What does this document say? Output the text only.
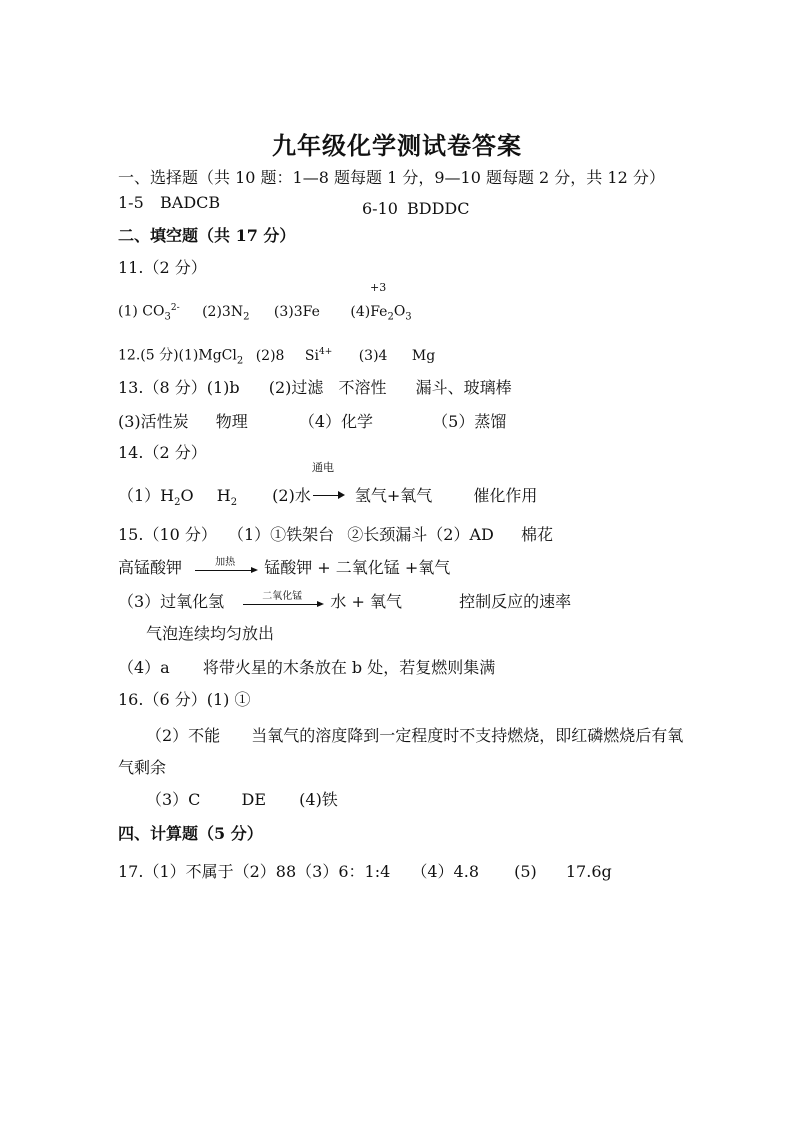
九年级化学测试卷答案
一、选择题（共 10 题：1—8 题每题 1 分，9—10 题每题 2 分，共 12 分）
1-5 BADCB	6-10 BDDDC
二、填空题（共 17 分）
11.（2 分）
+3
(1) $CO_3^{2-}$ $(2)3N_2$ (3)3Fe $(4)Fe_2O_3$
12.(5 分)(1)MgCl$_2$ (2)8 $Si^{4+}$ (3)4 Mg
13.（8 分）(1)b (2)过滤 不溶性 漏斗、玻璃棒
(3)活性炭 物理	（4）化学	（5）蒸馏
14.（2 分）
通电
$(1)H_2O$ $H_2$ (2)水	氢气+氧气	催化作用
15.（10 分） （1）①铁架台 ②长颈漏斗（2）AD 棉花
高锰酸钾	加热 锰酸钾 + 二氧化锰 +氧气
（3）过氧化氢	二氧化锰 水 + 氧气	控制反应的速率
气泡连续均匀放出
（4）a 将带火星的木条放在 b 处，若复燃则集满
16.（6 分）(1) ①
（2）不能 当氧气的溶度降到一定程度时不支持燃烧，即红磷燃烧后有氧
气剩余
（3）C	DE (4)铁
四、计算题（5 分）
17.（1）不属于（2）88（3）6：1:4 （4）4.8 (5) 17.6g
